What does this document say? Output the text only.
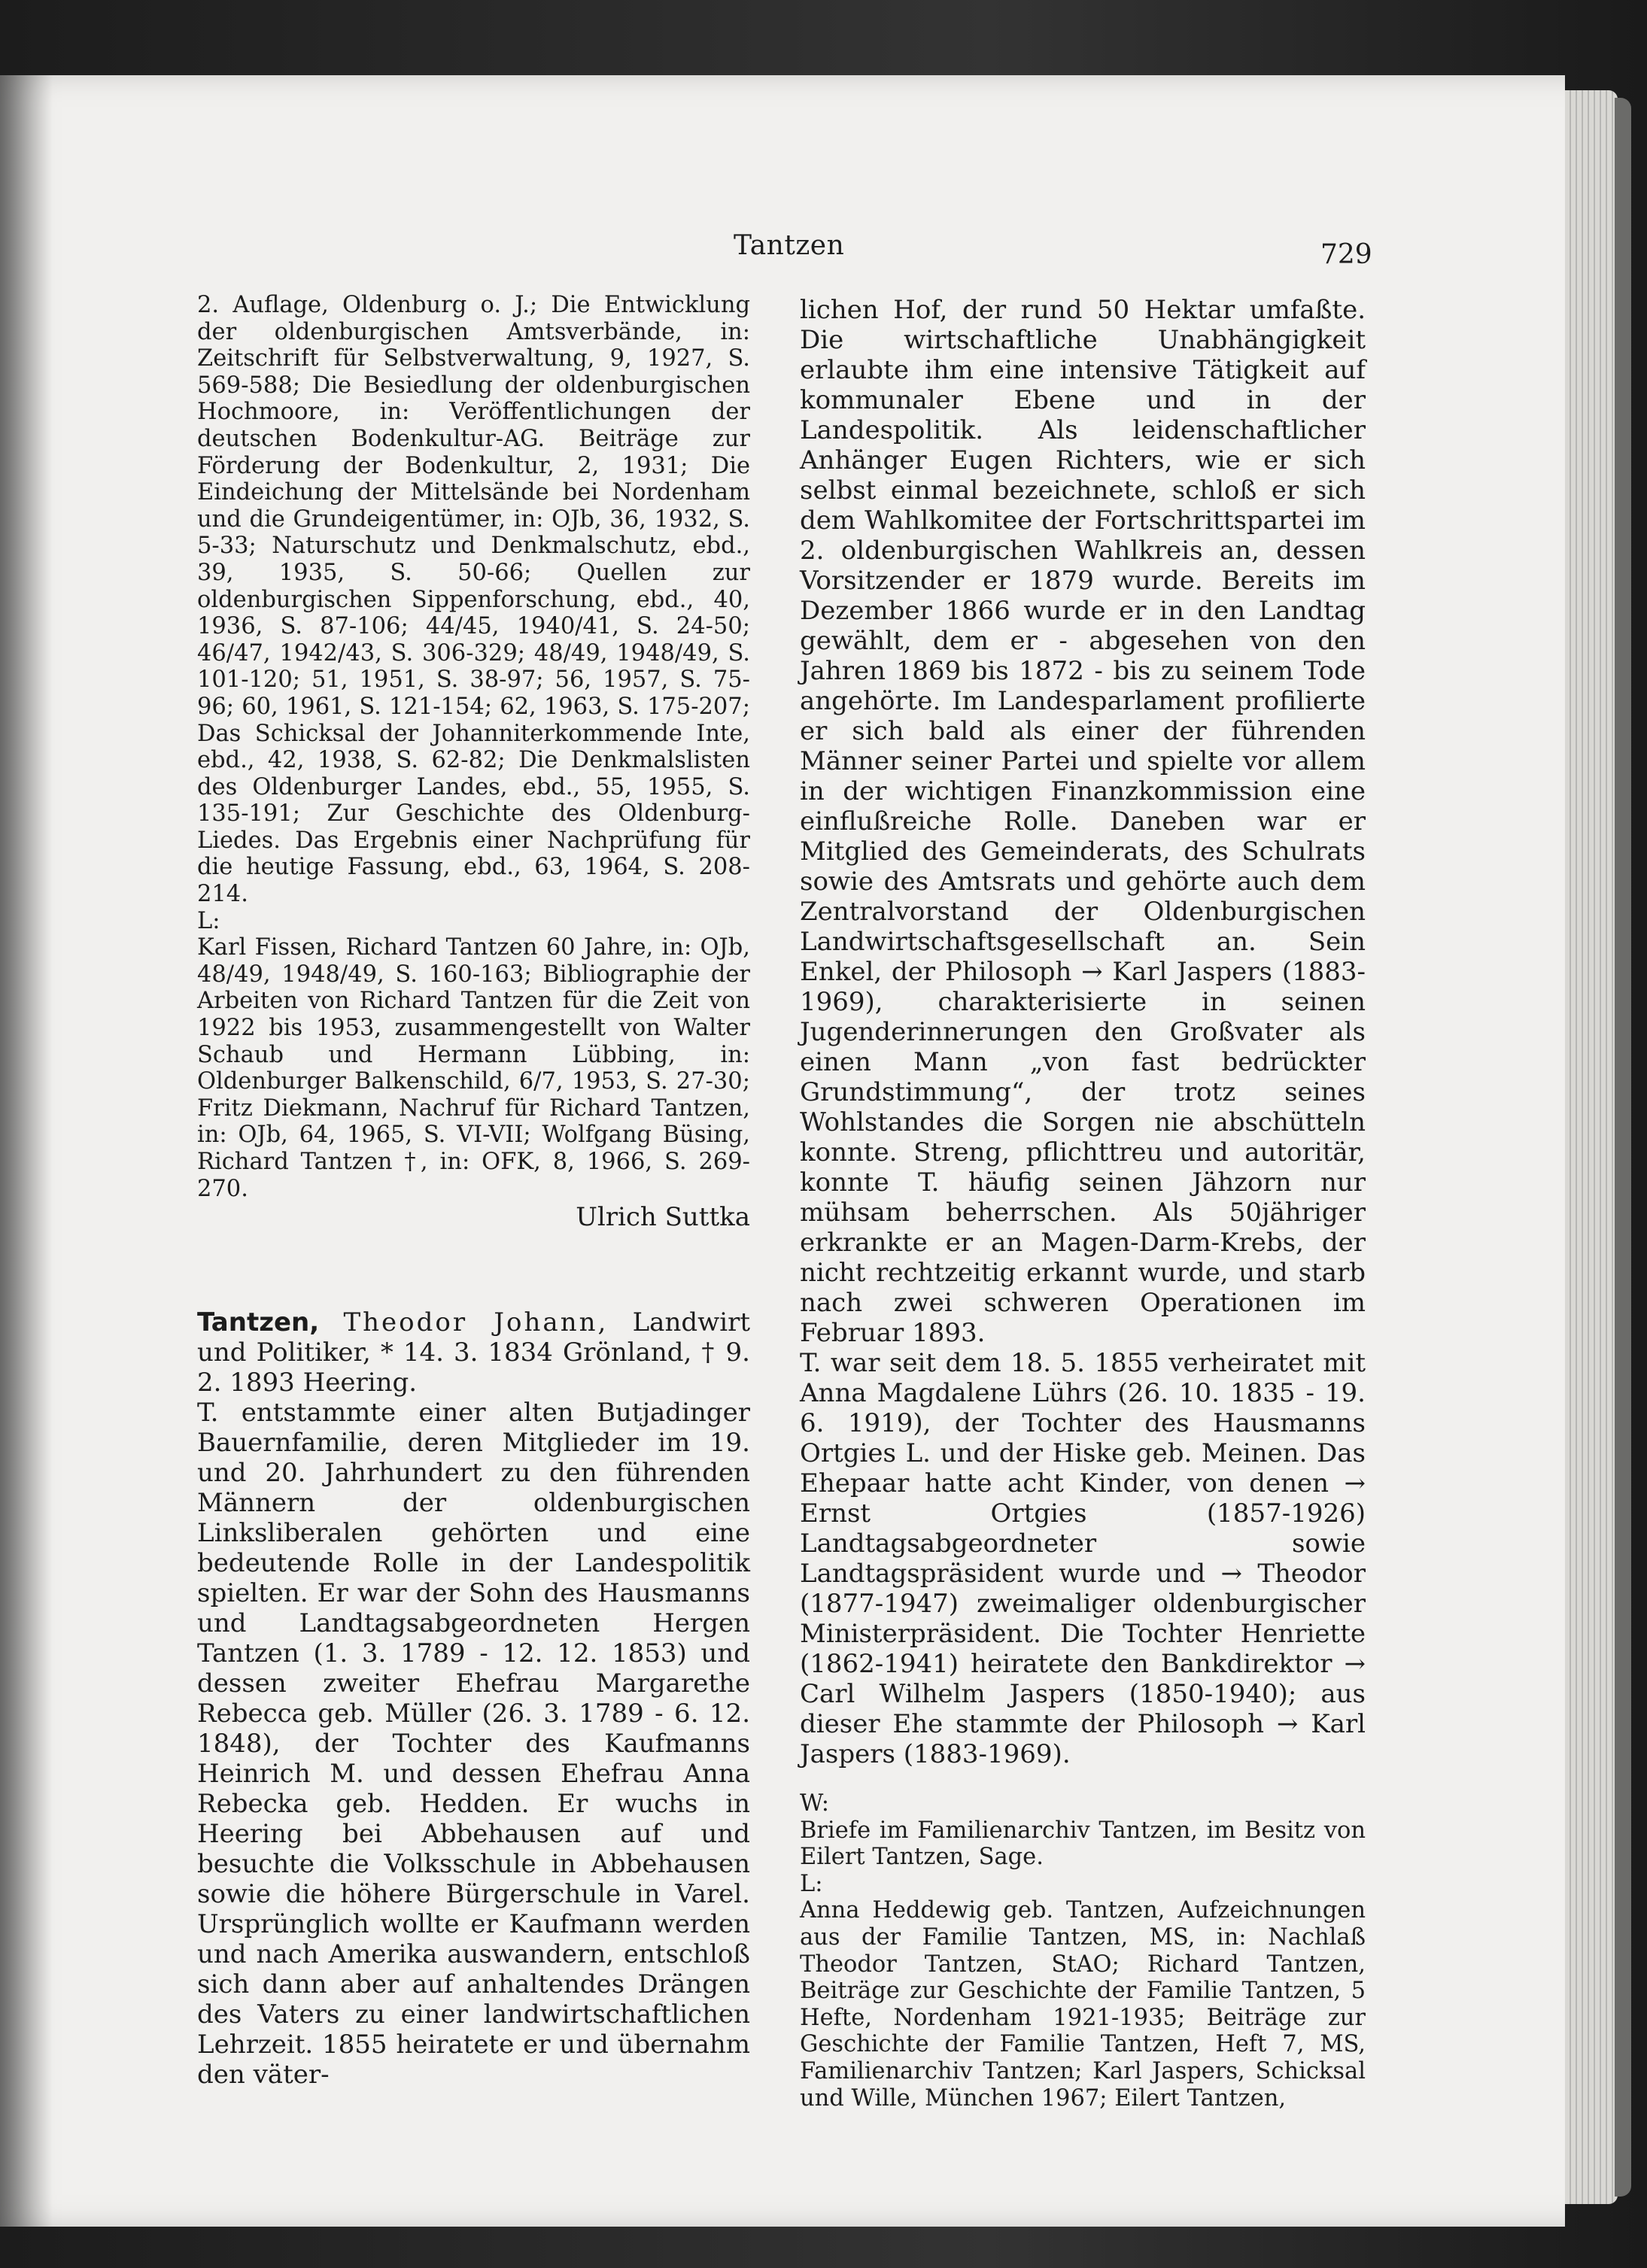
Tantzen	729

2. Auflage, Oldenburg o. J.; Die Entwicklung der oldenburgischen Amtsverbände, in: Zeitschrift für Selbstverwaltung, 9, 1927, S. 569-588; Die Besiedlung der oldenburgischen Hochmoore, in: Veröffentlichungen der deutschen Bodenkultur-AG. Beiträge zur Förderung der Bodenkultur, 2, 1931; Die Eindeichung der Mittelsände bei Nordenham und die Grundeigentümer, in: OJb, 36, 1932, S. 5-33; Naturschutz und Denkmalschutz, ebd., 39, 1935, S. 50-66; Quellen zur oldenburgischen Sippenforschung, ebd., 40, 1936, S. 87-106; 44/45, 1940/41, S. 24-50; 46/47, 1942/43, S. 306-329; 48/49, 1948/49, S. 101-120; 51, 1951, S. 38-97; 56, 1957, S. 75-96; 60, 1961, S. 121-154; 62, 1963, S. 175-207; Das Schicksal der Johanniterkommende Inte, ebd., 42, 1938, S. 62-82; Die Denkmalslisten des Oldenburger Landes, ebd., 55, 1955, S. 135-191; Zur Geschichte des Oldenburg-Liedes. Das Ergebnis einer Nachprüfung für die heutige Fassung, ebd., 63, 1964, S. 208-214.

L:

Karl Fissen, Richard Tantzen 60 Jahre, in: OJb, 48/49, 1948/49, S. 160-163; Bibliographie der Arbeiten von Richard Tantzen für die Zeit von 1922 bis 1953, zusammengestellt von Walter Schaub und Hermann Lübbing, in: Oldenburger Balkenschild, 6/7, 1953, S. 27-30; Fritz Diekmann, Nachruf für Richard Tantzen, in: OJb, 64, 1965, S. VI-VII; Wolfgang Büsing, Richard Tantzen †, in: OFK, 8, 1966, S. 269-270.

Ulrich Suttka

Tantzen, Theodor Johann, Landwirt und Politiker, * 14. 3. 1834 Grönland, † 9. 2. 1893 Heering.

T. entstammte einer alten Butjadinger Bauernfamilie, deren Mitglieder im 19. und 20. Jahrhundert zu den führenden Männern der oldenburgischen Linksliberalen gehörten und eine bedeutende Rolle in der Landespolitik spielten. Er war der Sohn des Hausmanns und Landtagsabgeordneten Hergen Tantzen (1. 3. 1789 - 12. 12. 1853) und dessen zweiter Ehefrau Margarethe Rebecca geb. Müller (26. 3. 1789 - 6. 12. 1848), der Tochter des Kaufmanns Heinrich M. und dessen Ehefrau Anna Rebecka geb. Hedden. Er wuchs in Heering bei Abbehausen auf und besuchte die Volksschule in Abbehausen sowie die höhere Bürgerschule in Varel. Ursprünglich wollte er Kaufmann werden und nach Amerika auswandern, entschloß sich dann aber auf anhaltendes Drängen des Vaters zu einer landwirtschaftlichen Lehrzeit. 1855 heiratete er und übernahm den väter-

lichen Hof, der rund 50 Hektar umfaßte. Die wirtschaftliche Unabhängigkeit erlaubte ihm eine intensive Tätigkeit auf kommunaler Ebene und in der Landespolitik. Als leidenschaftlicher Anhänger Eugen Richters, wie er sich selbst einmal bezeichnete, schloß er sich dem Wahlkomitee der Fortschrittspartei im 2. oldenburgischen Wahlkreis an, dessen Vorsitzender er 1879 wurde. Bereits im Dezember 1866 wurde er in den Landtag gewählt, dem er - abgesehen von den Jahren 1869 bis 1872 - bis zu seinem Tode angehörte. Im Landesparlament profilierte er sich bald als einer der führenden Männer seiner Partei und spielte vor allem in der wichtigen Finanzkommission eine einflußreiche Rolle. Daneben war er Mitglied des Gemeinderats, des Schulrats sowie des Amtsrats und gehörte auch dem Zentralvorstand der Oldenburgischen Landwirtschaftsgesellschaft an. Sein Enkel, der Philosoph → Karl Jaspers (1883-1969), charakterisierte in seinen Jugenderinnerungen den Großvater als einen Mann „von fast bedrückter Grundstimmung“, der trotz seines Wohlstandes die Sorgen nie abschütteln konnte. Streng, pflichttreu und autoritär, konnte T. häufig seinen Jähzorn nur mühsam beherrschen. Als 50jähriger erkrankte er an Magen-Darm-Krebs, der nicht rechtzeitig erkannt wurde, und starb nach zwei schweren Operationen im Februar 1893.

T. war seit dem 18. 5. 1855 verheiratet mit Anna Magdalene Lührs (26. 10. 1835 - 19. 6. 1919), der Tochter des Hausmanns Ortgies L. und der Hiske geb. Meinen. Das Ehepaar hatte acht Kinder, von denen → Ernst Ortgies (1857-1926) Landtagsabgeordneter sowie Landtagspräsident wurde und → Theodor (1877-1947) zweimaliger oldenburgischer Ministerpräsident. Die Tochter Henriette (1862-1941) heiratete den Bankdirektor → Carl Wilhelm Jaspers (1850-1940); aus dieser Ehe stammte der Philosoph → Karl Jaspers (1883-1969).

W:

Briefe im Familienarchiv Tantzen, im Besitz von Eilert Tantzen, Sage.

L:

Anna Heddewig geb. Tantzen, Aufzeichnungen aus der Familie Tantzen, MS, in: Nachlaß Theodor Tantzen, StAO; Richard Tantzen, Beiträge zur Geschichte der Familie Tantzen, 5 Hefte, Nordenham 1921-1935; Beiträge zur Geschichte der Familie Tantzen, Heft 7, MS, Familienarchiv Tantzen; Karl Jaspers, Schicksal und Wille, München 1967; Eilert Tantzen,
